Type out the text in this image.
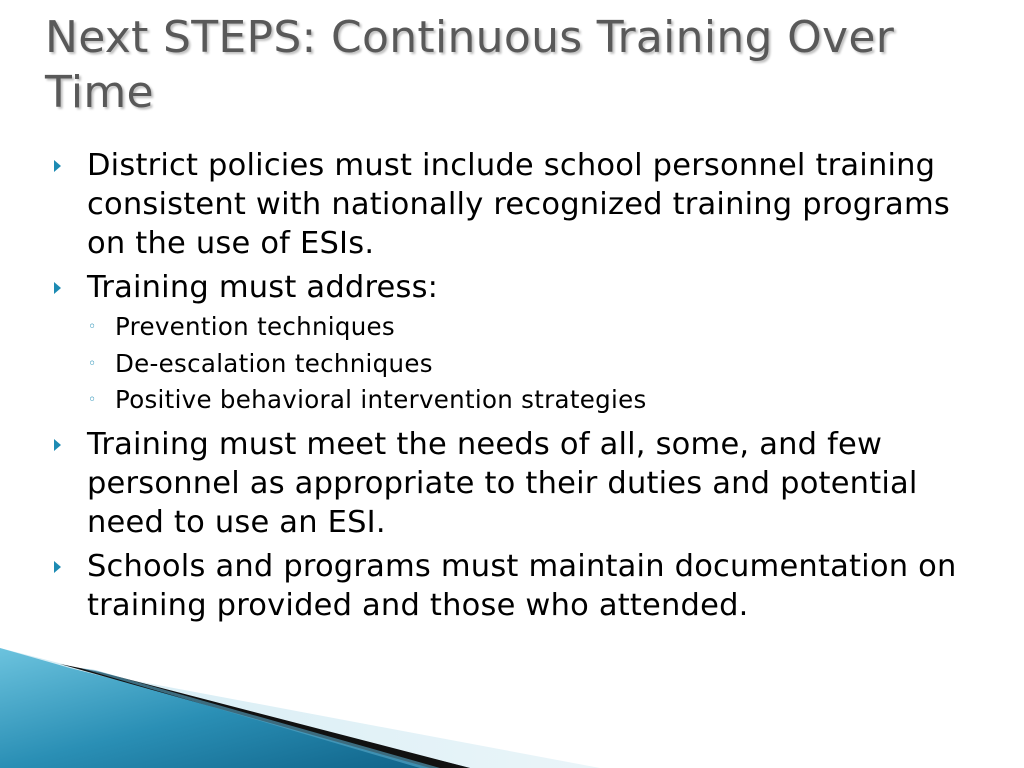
Next STEPS: Continuous Training Over Time
District policies must include school personnel training consistent with nationally recognized training programs on the use of ESIs.
Training must address:
◦ Prevention techniques
◦ De-escalation techniques
◦ Positive behavioral intervention strategies
Training must meet the needs of all, some, and few personnel as appropriate to their duties and potential need to use an ESI.
Schools and programs must maintain documentation on training provided and those who attended.
